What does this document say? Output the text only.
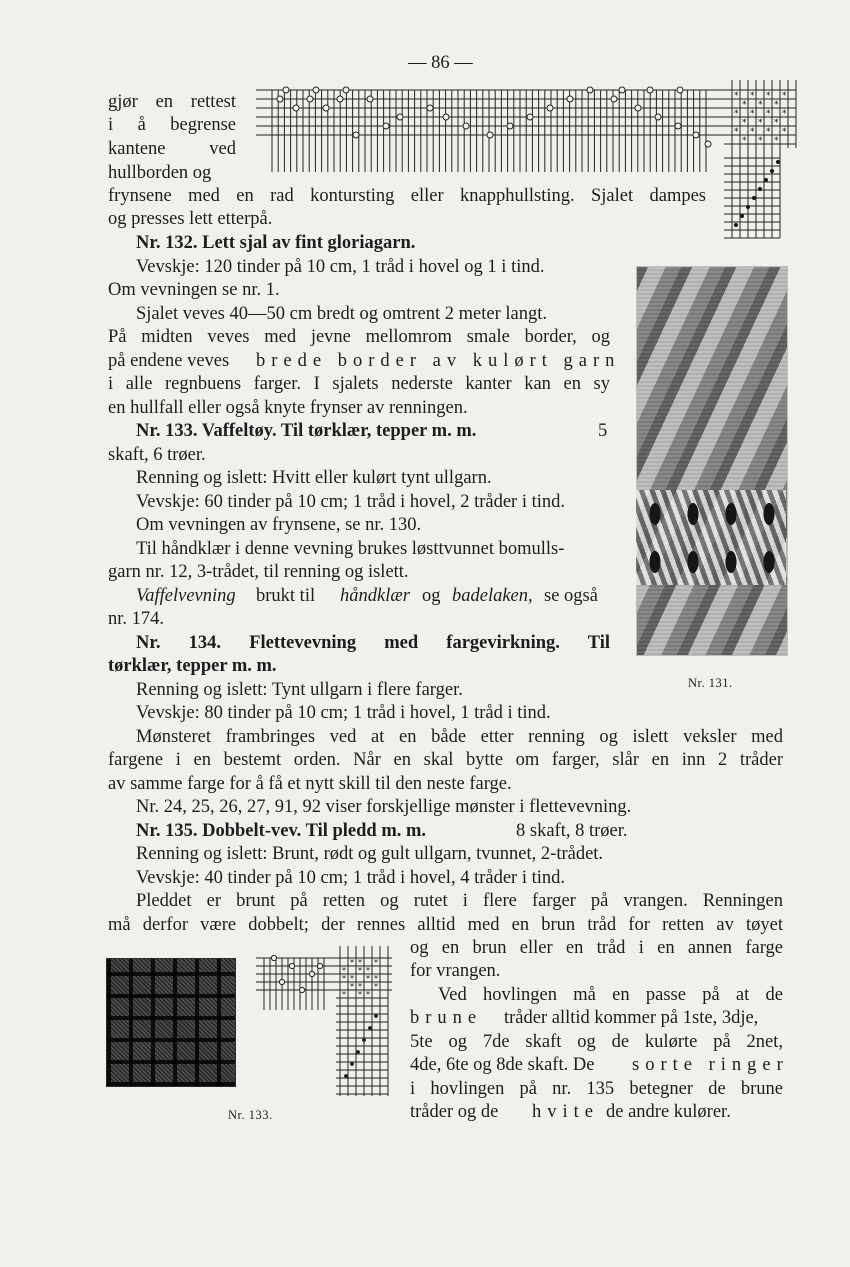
— 86 —
gjør en rettest
i å begrense
kantene ved
hullborden og
frynsene med en rad kontursting eller knapphullsting. Sjalet dampes
og presses lett etterpå.
* * * *
* * *
* * * *
* * *
* * * *
* * *
Nr. 132. Lett sjal av fint gloriagarn.
Vevskje: 120 tinder på 10 cm, 1 tråd i hovel og 1 i tind.
Om vevningen se nr. 1.
Sjalet veves 40—50 cm bredt og omtrent 2 meter langt.
På midten veves med jevne mellomrom smale border, og
på endene veves brede border av kulørt garn
i alle regnbuens farger. I sjalets nederste kanter kan en sy
en hullfall eller også knyte frynser av renningen.
Nr. 131.
Nr. 133. Vaffeltøy. Til tørklær, tepper m. m.	5
skaft, 6 trøer.
Renning og islett: Hvitt eller kulørt tynt ullgarn.
Vevskje: 60 tinder på 10 cm; 1 tråd i hovel, 2 tråder i tind.
Om vevningen av frynsene, se nr. 130.
Til håndklær i denne vevning brukes løsttvunnet bomulls-
garn nr. 12, 3-trådet, til renning og islett.
Vaffelvevning brukt til håndklær og badelaken, se også
nr. 174.
Nr. 134. Flettevevning med fargevirkning. Til
tørklær, tepper m. m.
Renning og islett: Tynt ullgarn i flere farger.
Vevskje: 80 tinder på 10 cm; 1 tråd i hovel, 1 tråd i tind.
Mønsteret frambringes ved at en både etter renning og islett veksler med
fargene i en bestemt orden. Når en skal bytte om farger, slår en inn 2 tråder
av samme farge for å få et nytt skill til den neste farge.
Nr. 24, 25, 26, 27, 91, 92 viser forskjellige mønster i flettevevning.
Nr. 135. Dobbelt-vev. Til pledd m. m.	8 skaft, 8 trøer.
Renning og islett: Brunt, rødt og gult ullgarn, tvunnet, 2-trådet.
Vevskje: 40 tinder på 10 cm; 1 tråd i hovel, 4 tråder i tind.
Pleddet er brunt på retten og rutet i flere farger på vrangen. Renningen
må derfor være dobbelt; der rennes alltid med en brun tråd for retten av tøyet
og en brun eller en tråd i en annen farge
for vrangen.
Ved hovlingen må en passe på at de
brune tråder alltid kommer på 1ste, 3dje,
5te og 7de skaft og de kulørte på 2net,
4de, 6te og 8de skaft. De sorte ringer
i hovlingen på nr. 135 betegner de brune
tråder og de hvite de andre kulører.
Nr. 133.
* * *
* * *
* * * *
* * *
* * *
